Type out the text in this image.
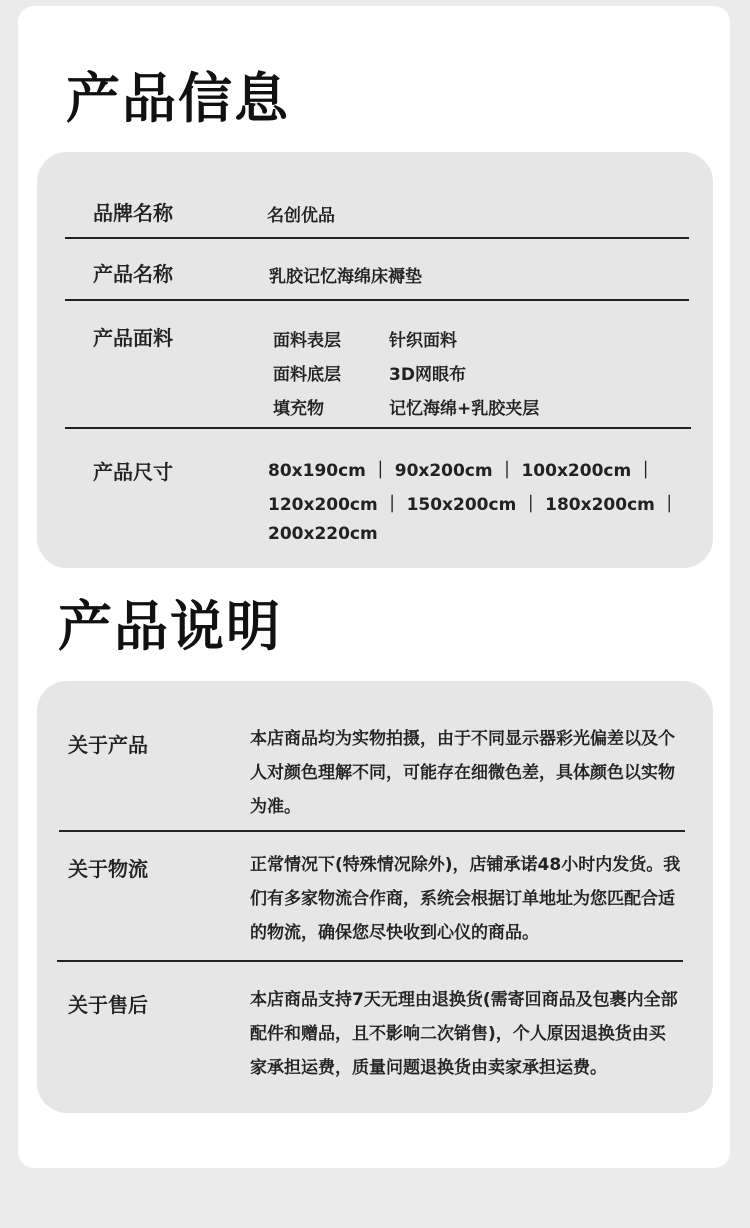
产品信息
品牌名称	名创优品
产品名称	乳胶记忆海绵床褥垫
产品面料	面料表层	针织面料
面料底层	3D网眼布
填充物	记忆海绵+乳胶夹层
产品尺寸	80x190cm ｜ 90x200cm ｜ 100x200cm ｜
120x200cm ｜ 150x200cm ｜ 180x200cm ｜
200x220cm
产品说明
关于产品	本店商品均为实物拍摄，由于不同显示器彩光偏差以及个人对颜色理解不同，可能存在细微色差，具体颜色以实物为准。
关于物流	正常情况下(特殊情况除外)，店铺承诺48小时内发货。我们有多家物流合作商，系统会根据订单地址为您匹配合适的物流，确保您尽快收到心仪的商品。
关于售后	本店商品支持7天无理由退换货(需寄回商品及包裹内全部配件和赠品，且不影响二次销售)，个人原因退换货由买家承担运费，质量问题退换货由卖家承担运费。
